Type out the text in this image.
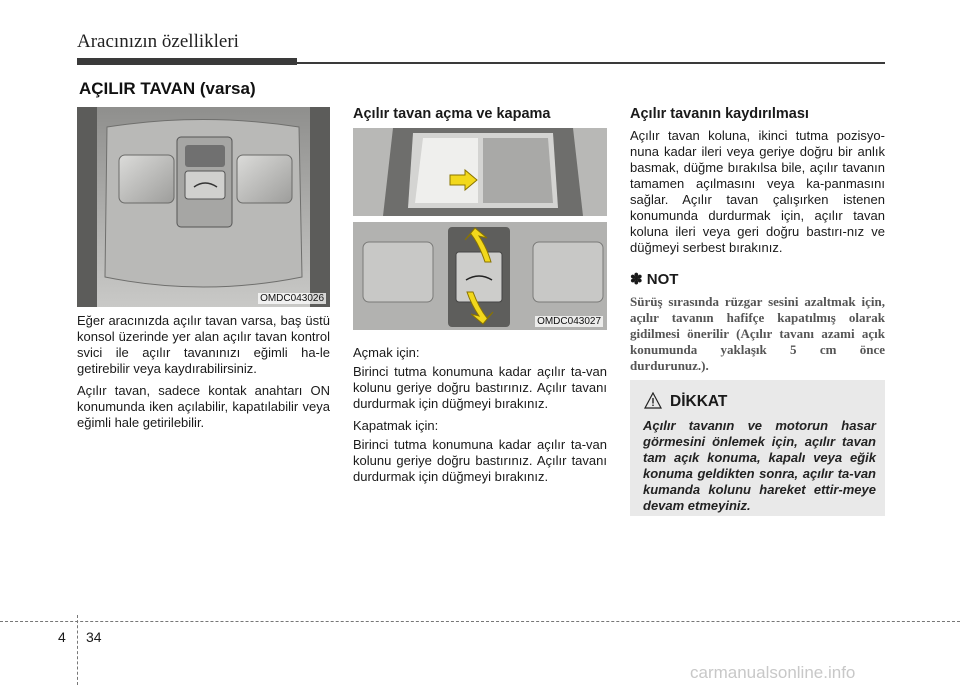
Aracınızın özellikleri
AÇILIR TAVAN (varsa)
OMDC043026

Eğer aracınızda açılır tavan varsa, baş üstü konsol üzerinde yer alan açılır tavan kontrol svici ile açılır tavanınızı eğimli ha-le getirebilir veya kaydırabilirsiniz.

Açılır tavan, sadece kontak anahtarı ON konumunda iken açılabilir, kapatılabilir veya eğimli hale getirilebilir.

Açılır tavan açma ve kapama
OMDC043027

Açmak için:

Birinci tutma konumuna kadar açılır ta-van kolunu geriye doğru bastırınız. Açılır tavanı durdurmak için düğmeyi bırakınız.

Kapatmak için:

Birinci tutma konumuna kadar açılır ta-van kolunu geriye doğru bastırınız. Açılır tavanı durdurmak için düğmeyi bırakınız.

Açılır tavanın kaydırılması

Açılır tavan koluna, ikinci tutma pozisyo-nuna kadar ileri veya geriye doğru bir anlık basmak, düğme bırakılsa bile, açılır tavanın tamamen açılmasını veya ka-panmasını sağlar. Açılır tavan çalışırken istenen konumunda durdurmak için, açılır tavan koluna ileri veya geri doğru bastırı-nız ve düğmeyi serbest bırakınız.

✽ NOT

Sürüş sırasında rüzgar sesini azaltmak için, açılır tavanın hafifçe kapatılmış olarak gidilmesi önerilir (Açılır tavanı azami açık konumunda yaklaşık 5 cm önce durdurunuz.).

DİKKAT

Açılır tavanın ve motorun hasar görmesini önlemek için, açılır tavan tam açık konuma, kapalı veya eğik konuma geldikten sonra, açılır ta-van kumanda kolunu hareket ettir-meye devam etmeyiniz.

4 34
carmanualsonline.info
